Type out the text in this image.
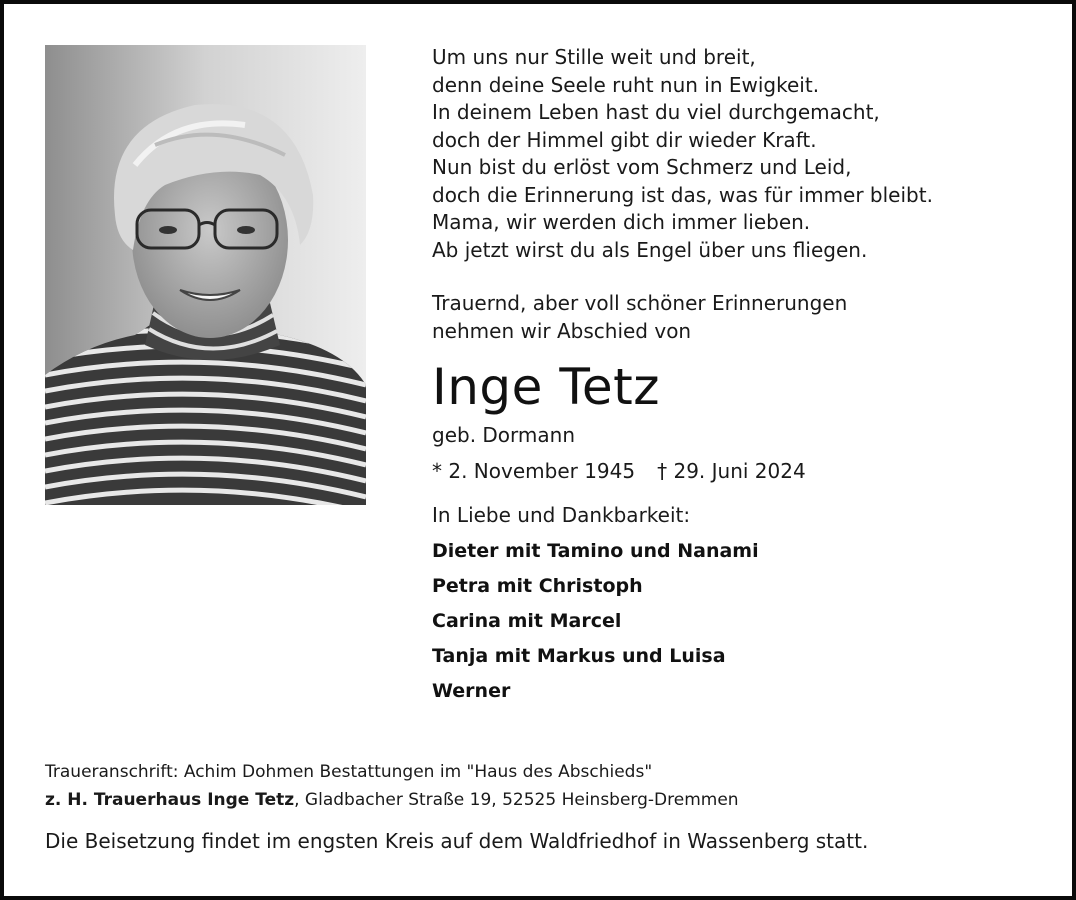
Um uns nur Stille weit und breit,
denn deine Seele ruht nun in Ewigkeit.
In deinem Leben hast du viel durchgemacht,
doch der Himmel gibt dir wieder Kraft.
Nun bist du erlöst vom Schmerz und Leid,
doch die Erinnerung ist das, was für immer bleibt.
Mama, wir werden dich immer lieben.
Ab jetzt wirst du als Engel über uns fliegen.
Trauernd, aber voll schöner Erinnerungen
nehmen wir Abschied von
Inge Tetz
geb. Dormann
* 2. November 1945 † 29. Juni 2024
In Liebe und Dankbarkeit:
Dieter mit Tamino und Nanami
Petra mit Christoph
Carina mit Marcel
Tanja mit Markus und Luisa
Werner
Traueranschrift: Achim Dohmen Bestattungen im "Haus des Abschieds"
z. H. Trauerhaus Inge Tetz, Gladbacher Straße 19, 52525 Heinsberg-Dremmen
Die Beisetzung findet im engsten Kreis auf dem Waldfriedhof in Wassenberg statt.
